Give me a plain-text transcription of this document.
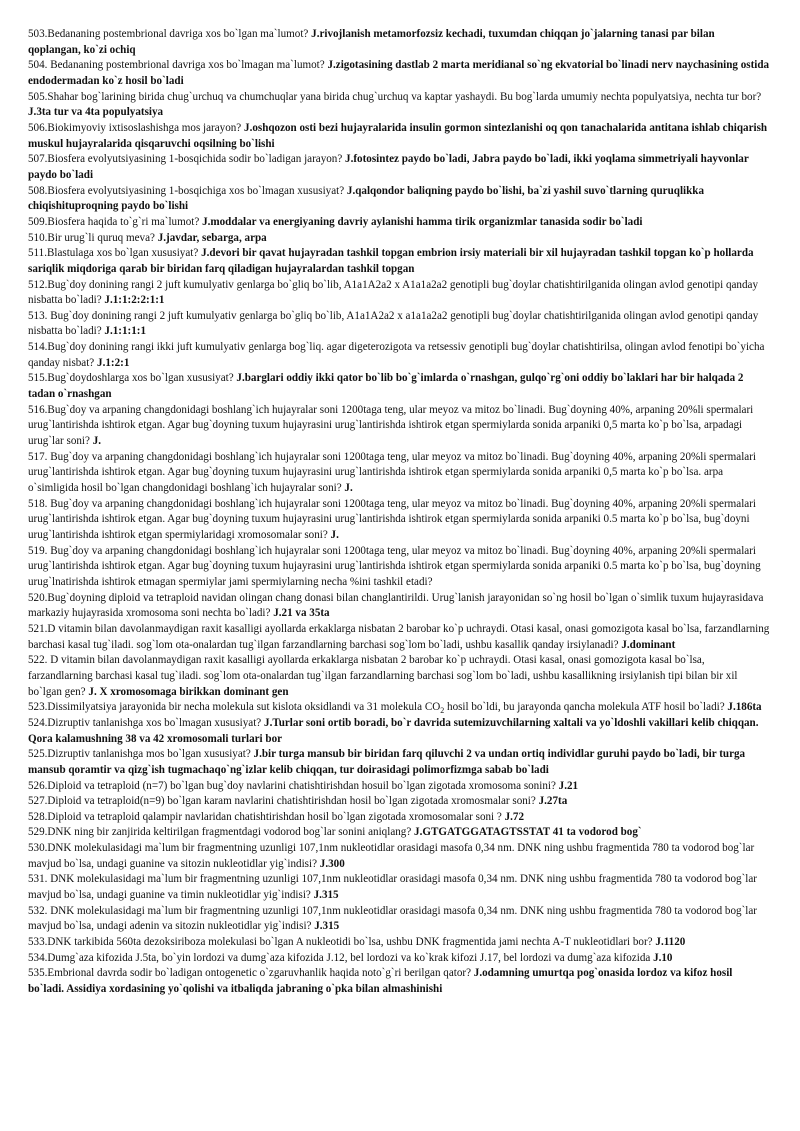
503.Bedananing postembrional davriga xos bo`lgan ma`lumot? J.rivojlanish metamorfozsiz kechadi, tuxumdan chiqqan jo`jalarning tanasi par bilan qoplangan, ko`zi ochiq

504. Bedananing postembrional davriga xos bo`lmagan ma`lumot? J.zigotasining dastlab 2 marta meridianal so`ng ekvatorial bo`linadi nerv naychasining ostida endodermadan ko`z hosil bo`ladi

505.Shahar bog`larining birida chug`urchuq va chumchuqlar yana birida chug`urchuq va kaptar yashaydi. Bu bog`larda umumiy nechta populyatsiya, nechta tur bor? J.3ta tur va 4ta populyatsiya

506.Biokimyoviy ixtisoslashishga mos jarayon? J.oshqozon osti bezi hujayralarida insulin gormon sintezlanishi oq qon tanachalarida antitana ishlab chiqarish muskul hujayralarida qisqaruvchi oqsilning bo`lishi

507.Biosfera evolyutsiyasining 1-bosqichida sodir bo`ladigan jarayon? J.fotosintez paydo bo`ladi, Jabra paydo bo`ladi, ikki yoqlama simmetriyali hayvonlar paydo bo`ladi

508.Biosfera evolyutsiyasining 1-bosqichiga xos bo`lmagan xususiyat? J.qalqondor baliqning paydo bo`lishi, ba`zi yashil suvo`tlarning quruqlikka chiqishituproqning paydo bo`lishi

509.Biosfera haqida to`g`ri ma`lumot? J.moddalar va energiyaning davriy aylanishi hamma tirik organizmlar tanasida sodir bo`ladi

510.Bir urug`li quruq meva? J.javdar, sebarga, arpa

511.Blastulaga xos bo`lgan xususiyat? J.devori bir qavat hujayradan tashkil topgan embrion irsiy materiali bir xil hujayradan tashkil topgan ko`p hollarda sariqlik miqdoriga qarab bir biridan farq qiladigan hujayralardan tashkil topgan

512.Bug`doy donining rangi 2 juft kumulyativ genlarga bo`gliq bo`lib, A1a1A2a2 x A1a1a2a2 genotipli bug`doylar chatishtirilganida olingan avlod genotipi qanday nisbatta bo`ladi? J.1:1:2:2:1:1

513. Bug`doy donining rangi 2 juft kumulyativ genlarga bo`gliq bo`lib, A1a1A2a2 x a1a1a2a2 genotipli bug`doylar chatishtirilganida olingan avlod genotipi qanday nisbatta bo`ladi? J.1:1:1:1

514.Bug`doy donining rangi ikki juft kumulyativ genlarga bog`liq. agar digeterozigota va retsessiv genotipli bug`doylar chatishtirilsa, olingan avlod fenotipi bo`yicha qanday nisbat? J.1:2:1

515.Bug`doydoshlarga xos bo`lgan xususiyat? J.barglari oddiy ikki qator bo`lib bo`g`imlarda o`rnashgan, gulqo`rg`oni oddiy bo`laklari har bir halqada 2 tadan o`rnashgan

516.Bug`doy va arpaning changdonidagi boshlang`ich hujayralar soni 1200taga teng, ular meyoz va mitoz bo`linadi. Bug`doyning 40%, arpaning 20%li spermalari urug`lantirishda ishtirok etgan. Agar bug`doyning tuxum hujayrasini urug`lantirishda ishtirok etgan spermiylarda sonida arpaniki 0,5 marta ko`p bo`lsa, arpadagi urug`lar soni? J.

517. Bug`doy va arpaning changdonidagi boshlang`ich hujayralar soni 1200taga teng, ular meyoz va mitoz bo`linadi. Bug`doyning 40%, arpaning 20%li spermalari urug`lantirishda ishtirok etgan. Agar bug`doyning tuxum hujayrasini urug`lantirishda ishtirok etgan spermiylarda sonida arpaniki 0,5 marta ko`p bo`lsa. arpa o`simligida hosil bo`lgan changdonidagi boshlang`ich hujayralar soni? J.

518. Bug`doy va arpaning changdonidagi boshlang`ich hujayralar soni 1200taga teng, ular meyoz va mitoz bo`linadi. Bug`doyning 40%, arpaning 20%li spermalari urug`lantirishda ishtirok etgan. Agar bug`doyning tuxum hujayrasini urug`lantirishda ishtirok etgan spermiylarda sonida arpaniki 0.5 marta ko`p bo`lsa, bug`doyni urug`lantirishda ishtirok etgan spermiylaridagi xromosomalar soni? J.

519. Bug`doy va arpaning changdonidagi boshlang`ich hujayralar soni 1200taga teng, ular meyoz va mitoz bo`linadi. Bug`doyning 40%, arpaning 20%li spermalari urug`lantirishda ishtirok etgan. Agar bug`doyning tuxum hujayrasini urug`lantirishda ishtirok etgan spermiylarda sonida arpaniki 0.5 marta ko`p bo`lsa, bug`doyning urug`lnatirishda ishtirok etmagan spermiylar jami spermiylarning necha %ini tashkil etadi?

520.Bug`doyning diploid va tetraploid navidan olingan chang donasi bilan changlantirildi. Urug`lanish jarayonidan so`ng hosil bo`lgan o`simlik tuxum hujayrasidava markaziy hujayrasida xromosoma soni nechta bo`ladi? J.21 va 35ta

521.D vitamin bilan davolanmaydigan raxit kasalligi ayollarda erkaklarga nisbatan 2 barobar ko`p uchraydi. Otasi kasal, onasi gomozigota kasal bo`lsa, farzandlarning barchasi kasal tug`iladi. sog`lom ota-onalardan tug`ilgan farzandlarning barchasi sog`lom bo`ladi, ushbu kasallik qanday irsiylanadi? J.dominant

522. D vitamin bilan davolanmaydigan raxit kasalligi ayollarda erkaklarga nisbatan 2 barobar ko`p uchraydi. Otasi kasal, onasi gomozigota kasal bo`lsa, farzandlarning barchasi kasal tug`iladi. sog`lom ota-onalardan tug`ilgan farzandlarning barchasi sog`lom bo`ladi, ushbu kasallikning irsiylanish tipi bilan bir xil bo`lgan gen? J. X xromosomaga birikkan dominant gen

523.Dissimilyatsiya jarayonida bir necha molekula sut kislota oksidlandi va 31 molekula $CO_2$ hosil bo`ldi, bu jarayonda qancha molekula ATF hosil bo`ladi? J.186ta

524.Dizruptiv tanlanishga xos bo`lmagan xususiyat? J.Turlar soni ortib boradi, bo`r davrida sutemizuvchilarning xaltali va yo`ldoshli vakillari kelib chiqqan. Qora kalamushning 38 va 42 xromosomali turlari bor

525.Dizruptiv tanlanishga mos bo`lgan xususiyat? J.bir turga mansub bir biridan farq qiluvchi 2 va undan ortiq individlar guruhi paydo bo`ladi, bir turga mansub qoramtir va qizg`ish tugmachaqo`ng`izlar kelib chiqqan, tur doirasidagi polimorfizmga sabab bo`ladi

526.Diploid va tetraploid (n=7) bo`lgan bug`doy navlarini chatishtirishdan hosuil bo`lgan zigotada xromosoma sonini? J.21

527.Diploid va tetraploid(n=9) bo`lgan karam navlarini chatishtirishdan hosil bo`lgan zigotada xromosmalar soni? J.27ta

528.Diploid va tetraploid qalampir navlaridan chatishtirishdan hosil bo`lgan zigotada xromosomalar soni ? J.72

529.DNK ning bir zanjirida keltirilgan fragmentdagi vodorod bog`lar sonini aniqlang? J.GTGATGGATAGTSSTAT 41 ta vodorod bog`

530.DNK molekulasidagi ma`lum bir fragmentning uzunligi 107,1nm nukleotidlar orasidagi masofa 0,34 nm. DNK ning ushbu fragmentida 780 ta vodorod bog`lar mavjud bo`lsa, undagi guanine va sitozin nukleotidlar yig`indisi? J.300

531. DNK molekulasidagi ma`lum bir fragmentning uzunligi 107,1nm nukleotidlar orasidagi masofa 0,34 nm. DNK ning ushbu fragmentida 780 ta vodorod bog`lar mavjud bo`lsa, undagi guanine va timin nukleotidlar yig`indisi? J.315

532. DNK molekulasidagi ma`lum bir fragmentning uzunligi 107,1nm nukleotidlar orasidagi masofa 0,34 nm. DNK ning ushbu fragmentida 780 ta vodorod bog`lar mavjud bo`lsa, undagi adenin va sitozin nukleotidlar yig`indisi? J.315

533.DNK tarkibida 560ta dezoksiriboza molekulasi bo`lgan A nukleotidi bo`lsa, ushbu DNK fragmentida jami nechta A-T nukleotidlari bor? J.1120

534.Dumg`aza kifozida J.5ta, bo`yin lordozi va dumg`aza kifozida J.12, bel lordozi va ko`krak kifozi J.17, bel lordozi va dumg`aza kifozida J.10

535.Embrional davrda sodir bo`ladigan ontogenetic o`zgaruvhanlik haqida noto`g`ri berilgan qator? J.odamning umurtqa pog`onasida lordoz va kifoz hosil bo`ladi. Assidiya xordasining yo`qolishi va itbaliqda jabraning o`pka bilan almashinishi
